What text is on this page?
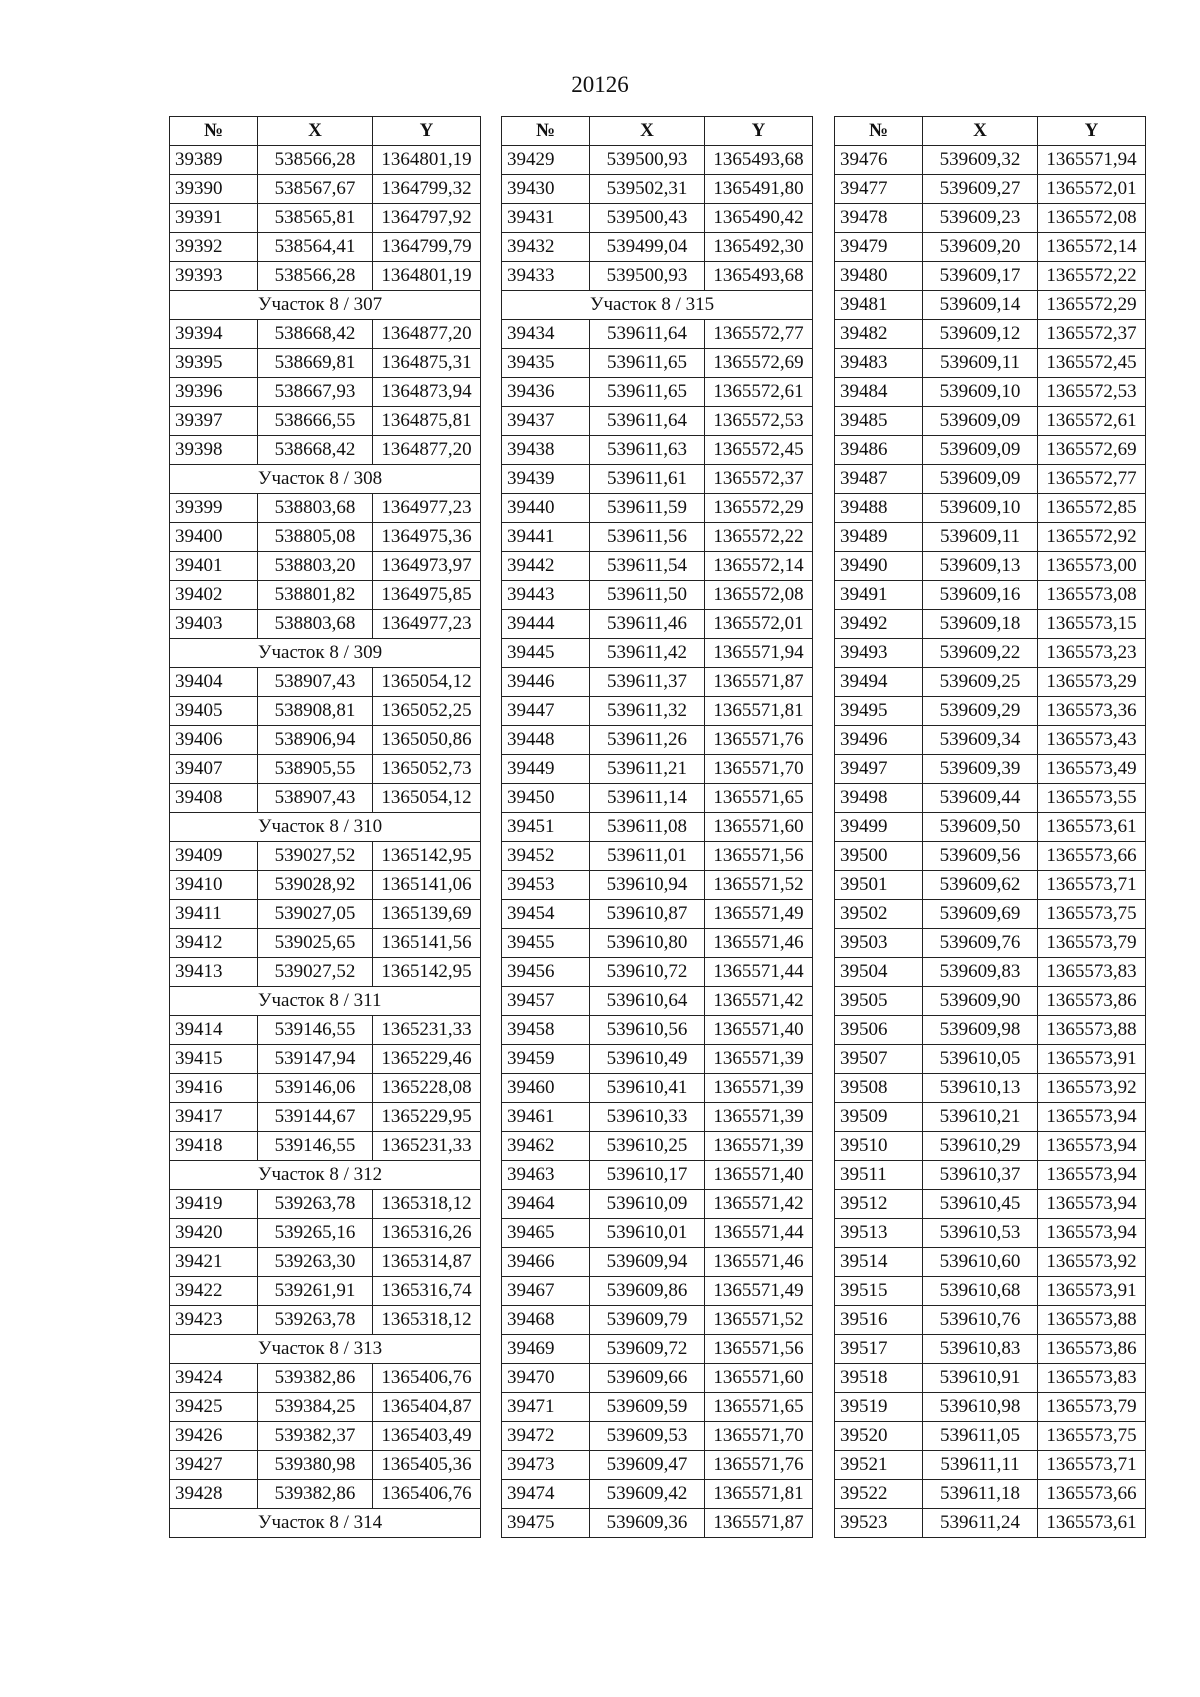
20126
№	X	Y
39389	538566,28	1364801,19
39390	538567,67	1364799,32
39391	538565,81	1364797,92
39392	538564,41	1364799,79
39393	538566,28	1364801,19
Участок 8 / 307		
39394	538668,42	1364877,20
39395	538669,81	1364875,31
39396	538667,93	1364873,94
39397	538666,55	1364875,81
39398	538668,42	1364877,20
Участок 8 / 308		
39399	538803,68	1364977,23
39400	538805,08	1364975,36
39401	538803,20	1364973,97
39402	538801,82	1364975,85
39403	538803,68	1364977,23
Участок 8 / 309		
39404	538907,43	1365054,12
39405	538908,81	1365052,25
39406	538906,94	1365050,86
39407	538905,55	1365052,73
39408	538907,43	1365054,12
Участок 8 / 310		
39409	539027,52	1365142,95
39410	539028,92	1365141,06
39411	539027,05	1365139,69
39412	539025,65	1365141,56
39413	539027,52	1365142,95
Участок 8 / 311		
39414	539146,55	1365231,33
39415	539147,94	1365229,46
39416	539146,06	1365228,08
39417	539144,67	1365229,95
39418	539146,55	1365231,33
Участок 8 / 312		
39419	539263,78	1365318,12
39420	539265,16	1365316,26
39421	539263,30	1365314,87
39422	539261,91	1365316,74
39423	539263,78	1365318,12
Участок 8 / 313		
39424	539382,86	1365406,76
39425	539384,25	1365404,87
39426	539382,37	1365403,49
39427	539380,98	1365405,36
39428	539382,86	1365406,76
Участок 8 / 314		
№	X	Y
39429	539500,93	1365493,68
39430	539502,31	1365491,80
39431	539500,43	1365490,42
39432	539499,04	1365492,30
39433	539500,93	1365493,68
Участок 8 / 315		
39434	539611,64	1365572,77
39435	539611,65	1365572,69
39436	539611,65	1365572,61
39437	539611,64	1365572,53
39438	539611,63	1365572,45
39439	539611,61	1365572,37
39440	539611,59	1365572,29
39441	539611,56	1365572,22
39442	539611,54	1365572,14
39443	539611,50	1365572,08
39444	539611,46	1365572,01
39445	539611,42	1365571,94
39446	539611,37	1365571,87
39447	539611,32	1365571,81
39448	539611,26	1365571,76
39449	539611,21	1365571,70
39450	539611,14	1365571,65
39451	539611,08	1365571,60
39452	539611,01	1365571,56
39453	539610,94	1365571,52
39454	539610,87	1365571,49
39455	539610,80	1365571,46
39456	539610,72	1365571,44
39457	539610,64	1365571,42
39458	539610,56	1365571,40
39459	539610,49	1365571,39
39460	539610,41	1365571,39
39461	539610,33	1365571,39
39462	539610,25	1365571,39
39463	539610,17	1365571,40
39464	539610,09	1365571,42
39465	539610,01	1365571,44
39466	539609,94	1365571,46
39467	539609,86	1365571,49
39468	539609,79	1365571,52
39469	539609,72	1365571,56
39470	539609,66	1365571,60
39471	539609,59	1365571,65
39472	539609,53	1365571,70
39473	539609,47	1365571,76
39474	539609,42	1365571,81
39475	539609,36	1365571,87
№	X	Y
39476	539609,32	1365571,94
39477	539609,27	1365572,01
39478	539609,23	1365572,08
39479	539609,20	1365572,14
39480	539609,17	1365572,22
39481	539609,14	1365572,29
39482	539609,12	1365572,37
39483	539609,11	1365572,45
39484	539609,10	1365572,53
39485	539609,09	1365572,61
39486	539609,09	1365572,69
39487	539609,09	1365572,77
39488	539609,10	1365572,85
39489	539609,11	1365572,92
39490	539609,13	1365573,00
39491	539609,16	1365573,08
39492	539609,18	1365573,15
39493	539609,22	1365573,23
39494	539609,25	1365573,29
39495	539609,29	1365573,36
39496	539609,34	1365573,43
39497	539609,39	1365573,49
39498	539609,44	1365573,55
39499	539609,50	1365573,61
39500	539609,56	1365573,66
39501	539609,62	1365573,71
39502	539609,69	1365573,75
39503	539609,76	1365573,79
39504	539609,83	1365573,83
39505	539609,90	1365573,86
39506	539609,98	1365573,88
39507	539610,05	1365573,91
39508	539610,13	1365573,92
39509	539610,21	1365573,94
39510	539610,29	1365573,94
39511	539610,37	1365573,94
39512	539610,45	1365573,94
39513	539610,53	1365573,94
39514	539610,60	1365573,92
39515	539610,68	1365573,91
39516	539610,76	1365573,88
39517	539610,83	1365573,86
39518	539610,91	1365573,83
39519	539610,98	1365573,79
39520	539611,05	1365573,75
39521	539611,11	1365573,71
39522	539611,18	1365573,66
39523	539611,24	1365573,61
